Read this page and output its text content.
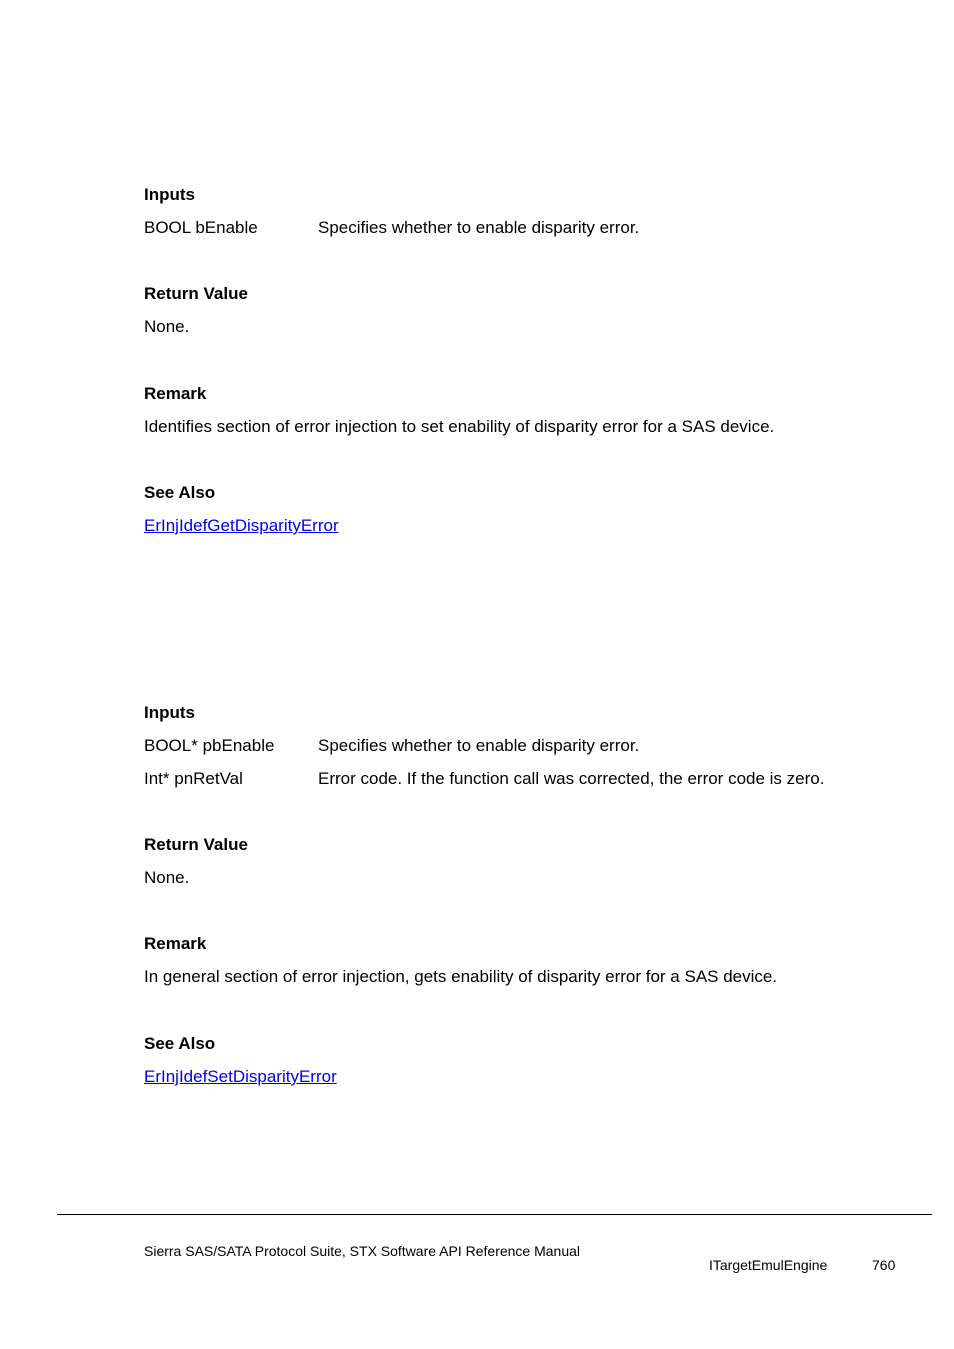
Inputs
BOOL bEnable	Specifies whether to enable disparity error.
Return Value
None.
Remark
Identifies section of error injection to set enability of disparity error for a SAS device.
See Also
ErInjIdefGetDisparityError
Inputs
BOOL* pbEnable	Specifies whether to enable disparity error.
Int* pnRetVal	Error code. If the function call was corrected, the error code is zero.
Return Value
None.
Remark
In general section of error injection, gets enability of disparity error for a SAS device.
See Also
ErInjIdefSetDisparityError
Sierra SAS/SATA Protocol Suite, STX Software API Reference Manual
ITargetEmulEngine	760
